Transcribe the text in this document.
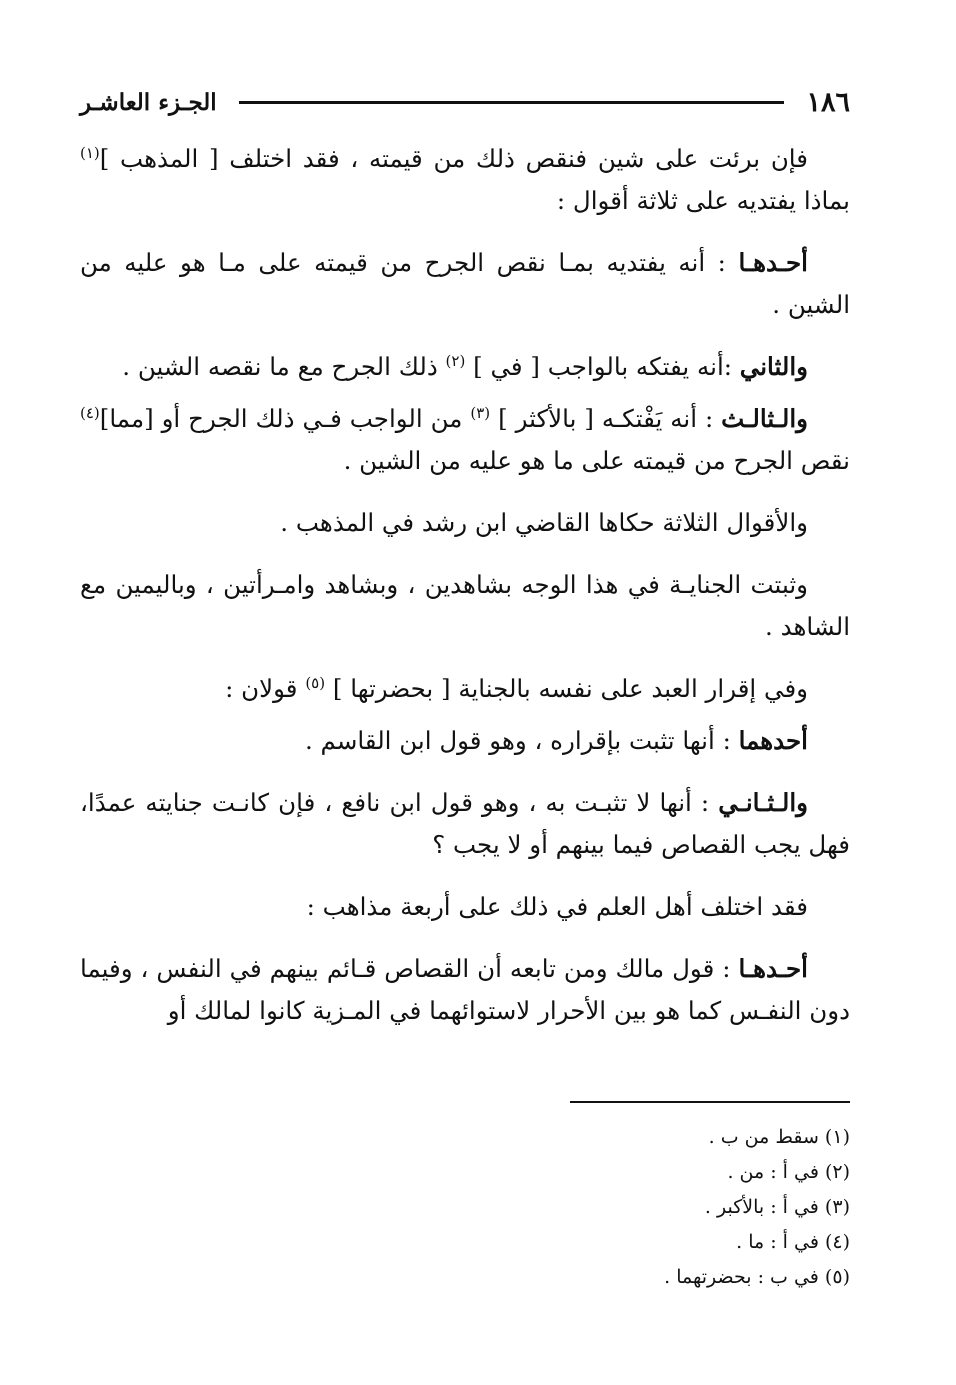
١٨٦
الجـزء العاشـر

فإن برئت على شين فنقص ذلك من قيمته ، فقد اختلف [ المذهب ]$^{(١)}$ بماذا يفتديه على ثلاثة أقوال :

أحـدهـا : أنه يفتديه بمـا نقص الجرح من قيمته على مـا هو عليه من الشين .

والثاني :أنه يفتكه بالواجب [ في ] $^{(٢)}$ ذلك الجرح مع ما نقصه الشين .

والـثالـث : أنه يَفْتكـه [ بالأكثر ] $^{(٣)}$ من الواجب فـي ذلك الجرح أو [مما]$^{(٤)}$ نقص الجرح من قيمته على ما هو عليه من الشين .

والأقوال الثلاثة حكاها القاضي ابن رشد في المذهب .

وثبتت الجنايـة في هذا الوجه بشاهدين ، وبشاهد وامـرأتين ، وباليمين مع الشاهد .

وفي إقرار العبد على نفسه بالجناية [ بحضرتها ] $^{(٥)}$ قولان :

أحدهما : أنها تثبت بإقراره ، وهو قول ابن القاسم .

والـثـانـي : أنها لا تثبـت به ، وهو قول ابن نافع ، فإن كانـت جنايته عمدًا، فهل يجب القصاص فيما بينهم أو لا يجب ؟

فقد اختلف أهل العلم في ذلك على أربعة مذاهب :

أحـدهـا : قول مالك ومن تابعه أن القصاص قـائم بينهم في النفس ، وفيما دون النفـس كما هو بين الأحرار لاستوائهما في المـزية كانوا لمالك أو

(١) سقط من ب .
(٢) في أ : من .
(٣) في أ : بالأكبر .
(٤) في أ : ما .
(٥) في ب : بحضرتهما .
